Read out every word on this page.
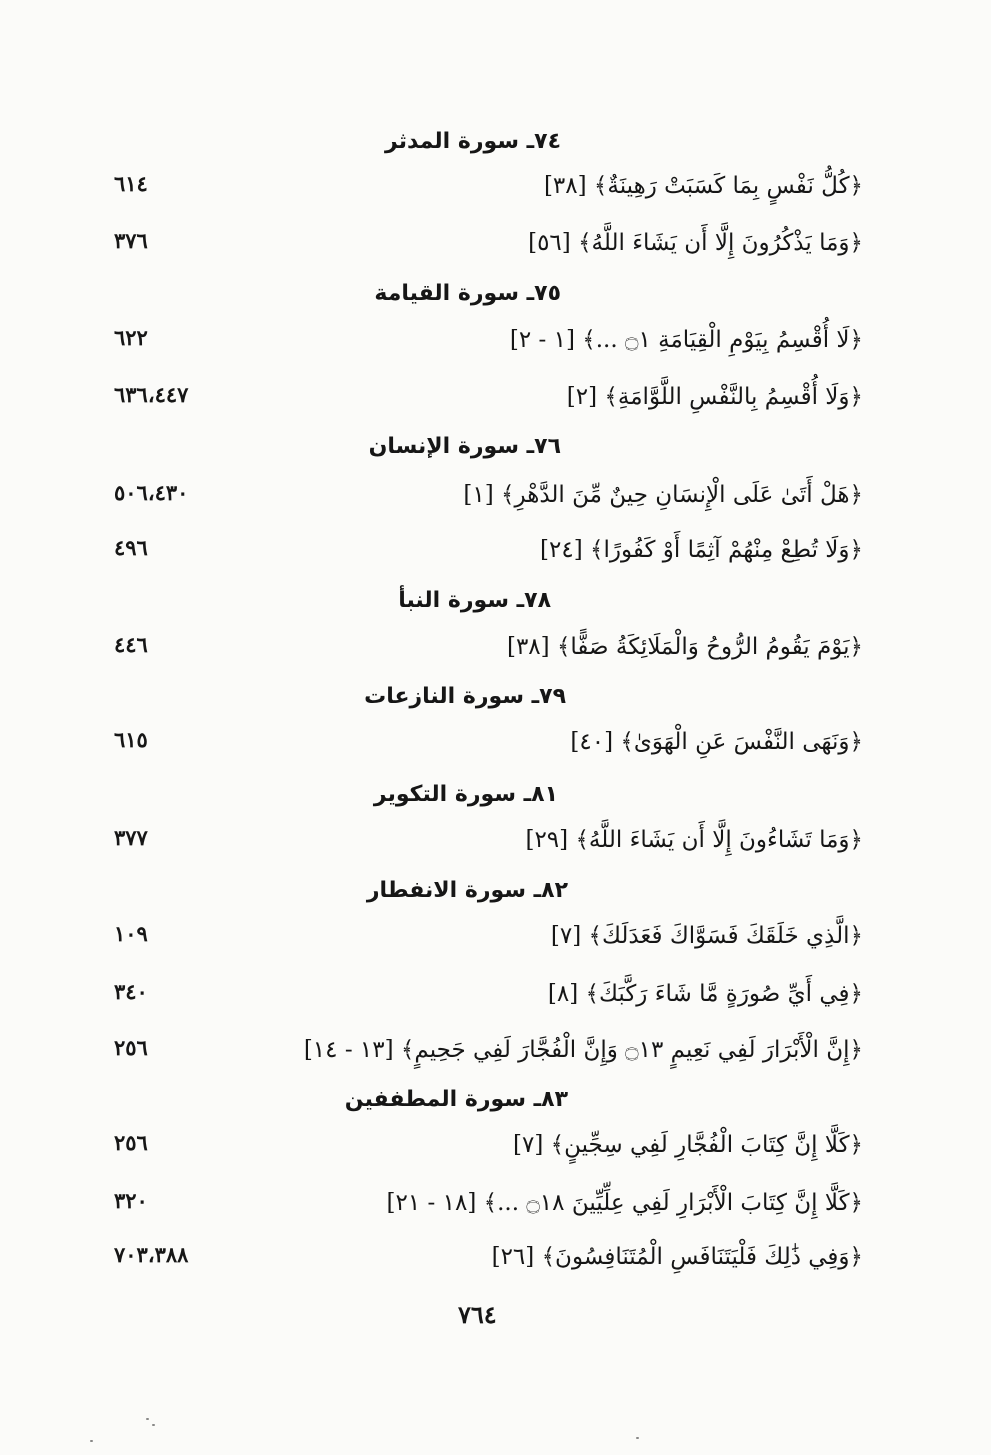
٧٤ـ سورة المدثر
﴿كُلُّ نَفْسٍ بِمَا كَسَبَتْ رَهِينَةٌ﴾ [٣٨]
٦١٤
﴿وَمَا يَذْكُرُونَ إِلَّا أَن يَشَاءَ اللَّهُ﴾ [٥٦]
٣٧٦
٧٥ـ سورة القيامة
﴿لَا أُقْسِمُ بِيَوْمِ الْقِيَامَةِ ۝١ ...﴾ [١ - ٢]
٦٢٢
﴿وَلَا أُقْسِمُ بِالنَّفْسِ اللَّوَّامَةِ﴾ [٢]
٦٣٦،٤٤٧
٧٦ـ سورة الإنسان
﴿هَلْ أَتَىٰ عَلَى الْإِنسَانِ حِينٌ مِّنَ الدَّهْرِ﴾ [١]
٥٠٦،٤٣٠
﴿وَلَا تُطِعْ مِنْهُمْ آثِمًا أَوْ كَفُورًا﴾ [٢٤]
٤٩٦
٧٨ـ سورة النبأ
﴿يَوْمَ يَقُومُ الرُّوحُ وَالْمَلَائِكَةُ صَفًّا﴾ [٣٨]
٤٤٦
٧٩ـ سورة النازعات
﴿وَنَهَى النَّفْسَ عَنِ الْهَوَىٰ﴾ [٤٠]
٦١٥
٨١ـ سورة التكوير
﴿وَمَا تَشَاءُونَ إِلَّا أَن يَشَاءَ اللَّهُ﴾ [٢٩]
٣٧٧
٨٢ـ سورة الانفطار
﴿الَّذِي خَلَقَكَ فَسَوَّاكَ فَعَدَلَكَ﴾ [٧]
١٠٩
﴿فِي أَيِّ صُورَةٍ مَّا شَاءَ رَكَّبَكَ﴾ [٨]
٣٤٠
﴿إِنَّ الْأَبْرَارَ لَفِي نَعِيمٍ ۝١٣ وَإِنَّ الْفُجَّارَ لَفِي جَحِيمٍ﴾ [١٣ - ١٤]
٢٥٦
٨٣ـ سورة المطففين
﴿كَلَّا إِنَّ كِتَابَ الْفُجَّارِ لَفِي سِجِّينٍ﴾ [٧]
٢٥٦
﴿كَلَّا إِنَّ كِتَابَ الْأَبْرَارِ لَفِي عِلِّيِّينَ ۝١٨ ...﴾ [١٨ - ٢١]
٣٢٠
﴿وَفِي ذَٰلِكَ فَلْيَتَنَافَسِ الْمُتَنَافِسُونَ﴾ [٢٦]
٧٠٣،٣٨٨
٧٦٤
